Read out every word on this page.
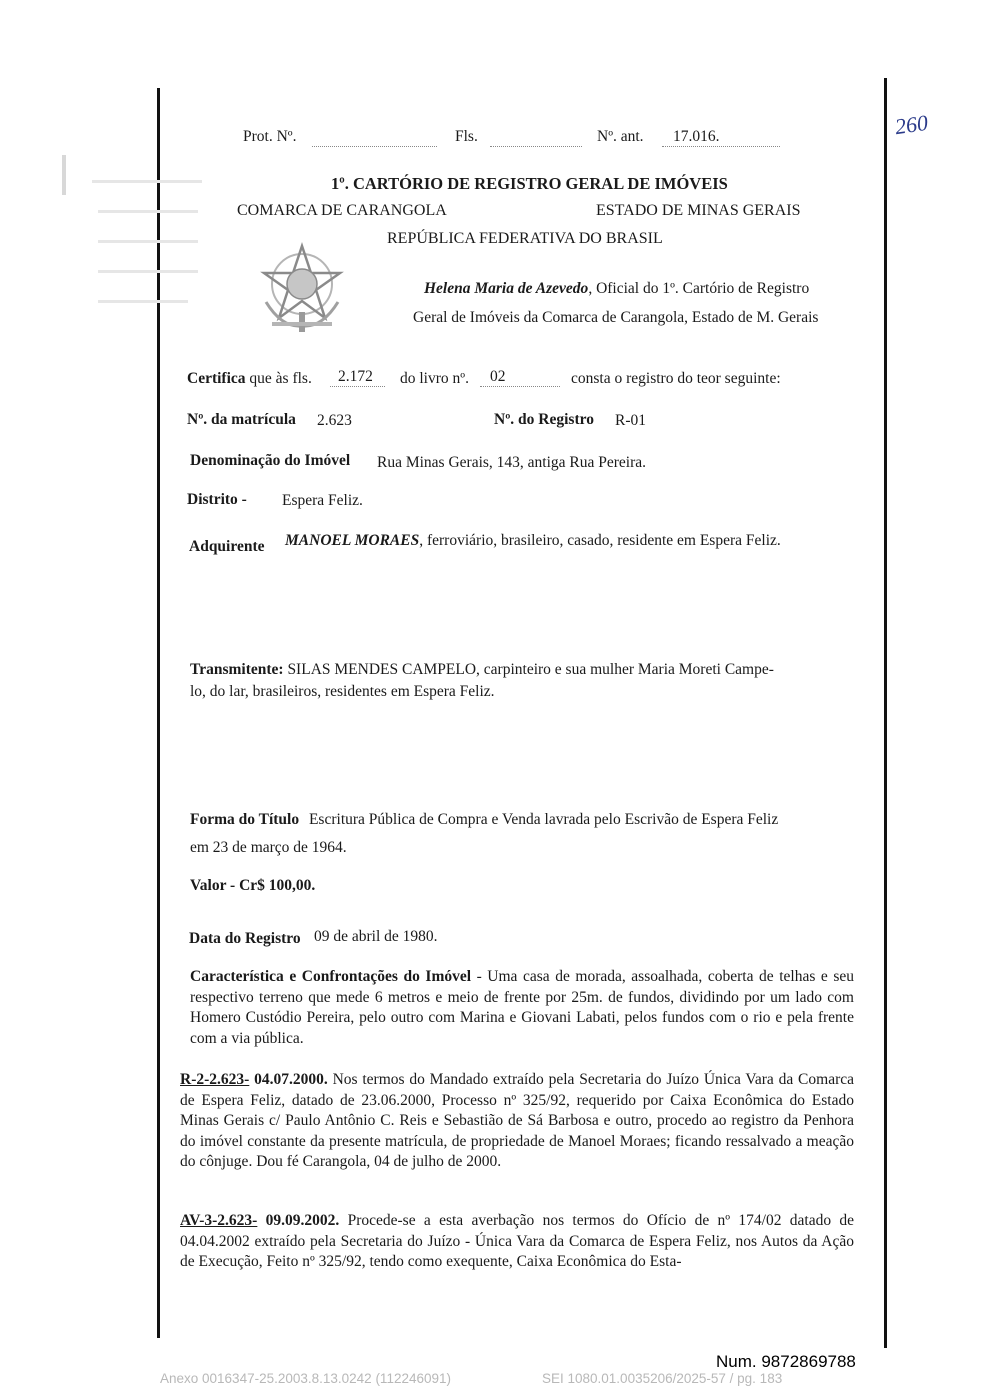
Prot. Nº.	Fls.	Nº. ant. 17.016.	260
1º. CARTÓRIO DE REGISTRO GERAL DE IMÓVEIS
COMARCA DE CARANGOLA	ESTADO DE MINAS GERAIS
REPÚBLICA FEDERATIVA DO BRASIL
Helena Maria de Azevedo, Oficial do 1º. Cartório de Registro
Geral de Imóveis da Comarca de Carangola, Estado de M. Gerais
Certifica que às fls. 2.172 do livro nº. 02	consta o registro do teor seguinte:
Nº. da matrícula 2.623	Nº. do Registro R-01
Denominação do Imóvel Rua Minas Gerais, 143, antiga Rua Pereira.
Distrito - Espera Feliz.
Adquirente MANOEL MORAES, ferroviário, brasileiro, casado, residente em Espera Feliz.
Transmitente: SILAS MENDES CAMPELO, carpinteiro e sua mulher Maria Moreti Campe-
lo, do lar, brasileiros, residentes em Espera Feliz.
Forma do Título Escritura Pública de Compra e Venda lavrada pelo Escrivão de Espera Feliz
em 23 de março de 1964.
Valor - Cr$ 100,00.
Data do Registro 09 de abril de 1980.
Característica e Confrontações do Imóvel - Uma casa de morada, assoalhada, coberta de telhas e seu respectivo terreno que mede 6 metros e meio de frente por 25m. de fundos, dividindo por um lado com Homero Custódio Pereira, pelo outro com Marina e Giovani Labati, pelos fundos com o rio e pela frente com a via pública.
R-2-2.623- 04.07.2000. Nos termos do Mandado extraído pela Secretaria do Juízo Única Vara da Comarca de Espera Feliz, datado de 23.06.2000, Processo nº 325/92, requerido por Caixa Econômica do Estado Minas Gerais c/ Paulo Antônio C. Reis e Sebastião de Sá Barbosa e outro, procedo ao registro da Penhora do imóvel constante da presente matrícula, de propriedade de Manoel Moraes; ficando ressalvado a meação do cônjuge. Dou fé Carangola, 04 de julho de 2000.
AV-3-2.623- 09.09.2002. Procede-se a esta averbação nos termos do Ofício de nº 174/02 datado de 04.04.2002 extraído pela Secretaria do Juízo - Única Vara da Comarca de Espera Feliz, nos Autos da Ação de Execução, Feito nº 325/92, tendo como exequente, Caixa Econômica do Esta-
Num. 9872869788
Anexo 0016347-25.2003.8.13.0242 (112246091)	SEI 1080.01.0035206/2025-57 / pg. 183
